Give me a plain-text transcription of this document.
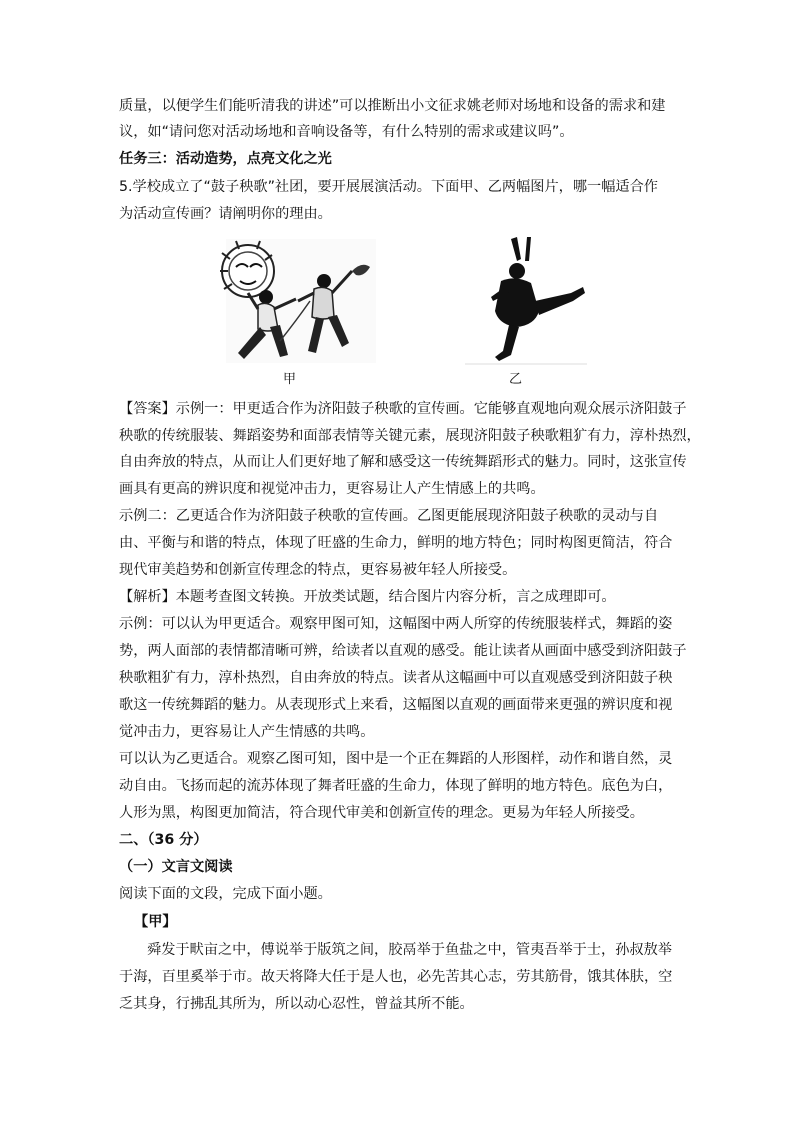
质量，以便学生们能听清我的讲述”可以推断出小文征求姚老师对场地和设备的需求和建
议，如“请问您对活动场地和音响设备等，有什么特别的需求或建议吗”。
任务三：活动造势，点亮文化之光
5.学校成立了“鼓子秧歌”社团，要开展展演活动。下面甲、乙两幅图片，哪一幅适合作
为活动宣传画？请阐明你的理由。
甲	乙
【答案】示例一：甲更适合作为济阳鼓子秧歌的宣传画。它能够直观地向观众展示济阳鼓子
秧歌的传统服装、舞蹈姿势和面部表情等关键元素，展现济阳鼓子秧歌粗犷有力，淳朴热烈，
自由奔放的特点，从而让人们更好地了解和感受这一传统舞蹈形式的魅力。同时，这张宣传
画具有更高的辨识度和视觉冲击力，更容易让人产生情感上的共鸣。
示例二：乙更适合作为济阳鼓子秧歌的宣传画。乙图更能展现济阳鼓子秧歌的灵动与自
由、平衡与和谐的特点，体现了旺盛的生命力，鲜明的地方特色；同时构图更简洁，符合
现代审美趋势和创新宣传理念的特点，更容易被年轻人所接受。
【解析】本题考查图文转换。开放类试题，结合图片内容分析，言之成理即可。
示例：可以认为甲更适合。观察甲图可知，这幅图中两人所穿的传统服装样式，舞蹈的姿
势，两人面部的表情都清晰可辨，给读者以直观的感受。能让读者从画面中感受到济阳鼓子
秧歌粗犷有力，淳朴热烈，自由奔放的特点。读者从这幅画中可以直观感受到济阳鼓子秧
歌这一传统舞蹈的魅力。从表现形式上来看，这幅图以直观的画面带来更强的辨识度和视
觉冲击力，更容易让人产生情感的共鸣。
可以认为乙更适合。观察乙图可知，图中是一个正在舞蹈的人形图样，动作和谐自然，灵
动自由。飞扬而起的流苏体现了舞者旺盛的生命力，体现了鲜明的地方特色。底色为白，
人形为黑，构图更加简洁，符合现代审美和创新宣传的理念。更易为年轻人所接受。
二、（36 分）
（一）文言文阅读
阅读下面的文段，完成下面小题。
【甲】
舜发于畎亩之中，傅说举于版筑之间，胶鬲举于鱼盐之中，管夷吾举于士，孙叔敖举
于海，百里奚举于市。故天将降大任于是人也，必先苦其心志，劳其筋骨，饿其体肤，空
乏其身，行拂乱其所为，所以动心忍性，曾益其所不能。
